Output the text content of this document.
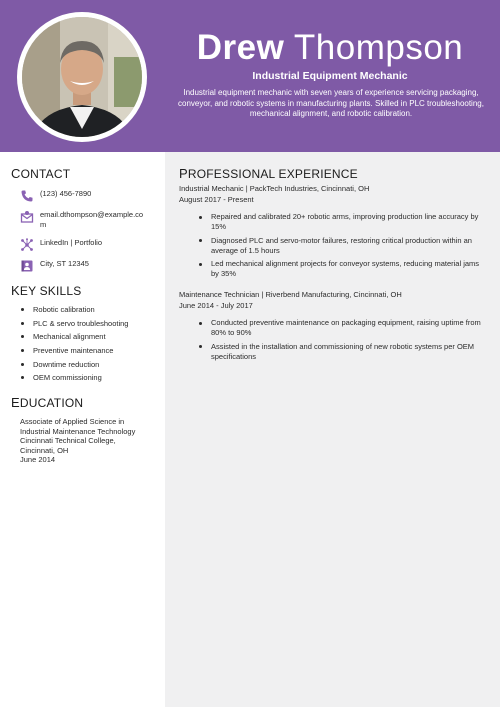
Drew Thompson
Industrial Equipment Mechanic
Industrial equipment mechanic with seven years of experience servicing packaging, conveyor, and robotic systems in manufacturing plants. Skilled in PLC troubleshooting, mechanical alignment, and robotic calibration.
CONTACT
(123) 456-7890
email.dthompson@example.co
m
LinkedIn | Portfolio
City, ST 12345
KEY SKILLS
Robotic calibration
PLC & servo troubleshooting
Mechanical alignment
Preventive maintenance
Downtime reduction
OEM commissioning
EDUCATION
Associate of Applied Science in
Industrial Maintenance Technology
Cincinnati Technical College,
Cincinnati, OH
June 2014
PROFESSIONAL EXPERIENCE
Industrial Mechanic | PackTech Industries, Cincinnati, OH
August 2017 - Present
Repaired and calibrated 20+ robotic arms, improving production line accuracy by 15%
Diagnosed PLC and servo-motor failures, restoring critical production within an average of 1.5 hours
Led mechanical alignment projects for conveyor systems, reducing material jams by 35%
Maintenance Technician | Riverbend Manufacturing, Cincinnati, OH
June 2014 - July 2017
Conducted preventive maintenance on packaging equipment, raising uptime from 80% to 90%
Assisted in the installation and commissioning of new robotic systems per OEM specifications
